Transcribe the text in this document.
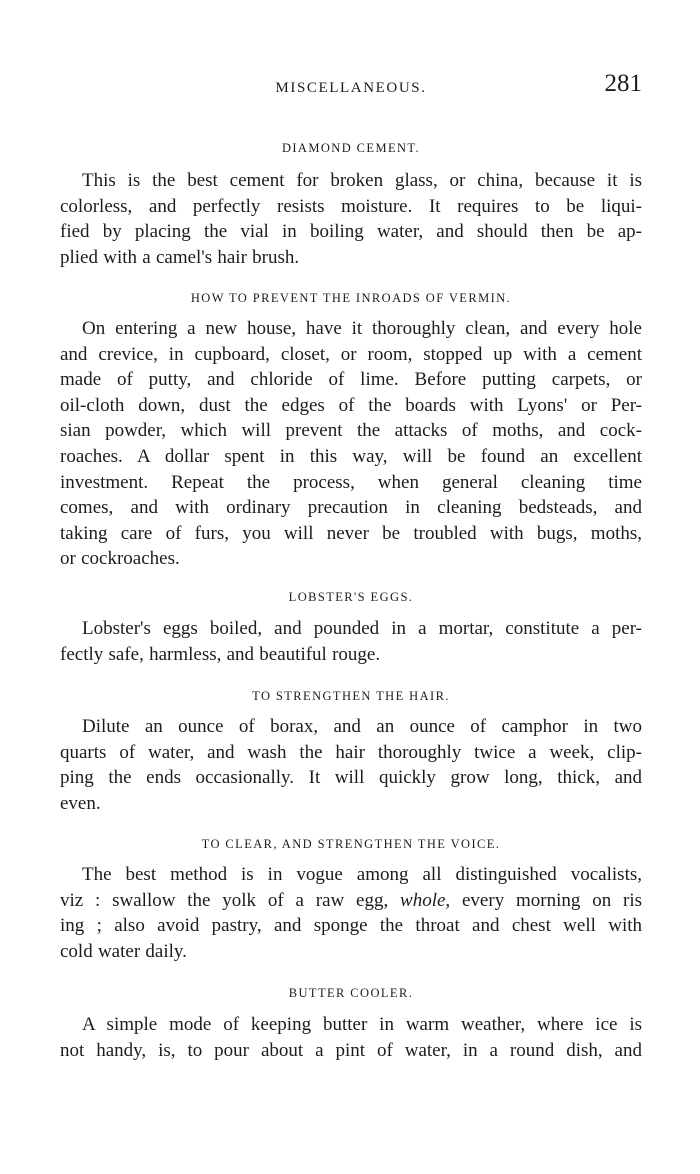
MISCELLANEOUS.	281
DIAMOND CEMENT.
This is the best cement for broken glass, or china, because it is
colorless, and perfectly resists moisture. It requires to be liqui-
fied by placing the vial in boiling water, and should then be ap-
plied with a camel's hair brush.
HOW TO PREVENT THE INROADS OF VERMIN.
On entering a new house, have it thoroughly clean, and every hole
and crevice, in cupboard, closet, or room, stopped up with a cement
made of putty, and chloride of lime. Before putting carpets, or
oil-cloth down, dust the edges of the boards with Lyons' or Per-
sian powder, which will prevent the attacks of moths, and cock-
roaches. A dollar spent in this way, will be found an excellent
investment. Repeat the process, when general cleaning time
comes, and with ordinary precaution in cleaning bedsteads, and
taking care of furs, you will never be troubled with bugs, moths,
or cockroaches.
LOBSTER'S EGGS.
Lobster's eggs boiled, and pounded in a mortar, constitute a per-
fectly safe, harmless, and beautiful rouge.
TO STRENGTHEN THE HAIR.
Dilute an ounce of borax, and an ounce of camphor in two
quarts of water, and wash the hair thoroughly twice a week, clip-
ping the ends occasionally. It will quickly grow long, thick, and
even.
TO CLEAR, AND STRENGTHEN THE VOICE.
The best method is in vogue among all distinguished vocalists,
viz : swallow the yolk of a raw egg, whole, every morning on ris
ing ; also avoid pastry, and sponge the throat and chest well with
cold water daily.
BUTTER COOLER.
A simple mode of keeping butter in warm weather, where ice is
not handy, is, to pour about a pint of water, in a round dish, and
